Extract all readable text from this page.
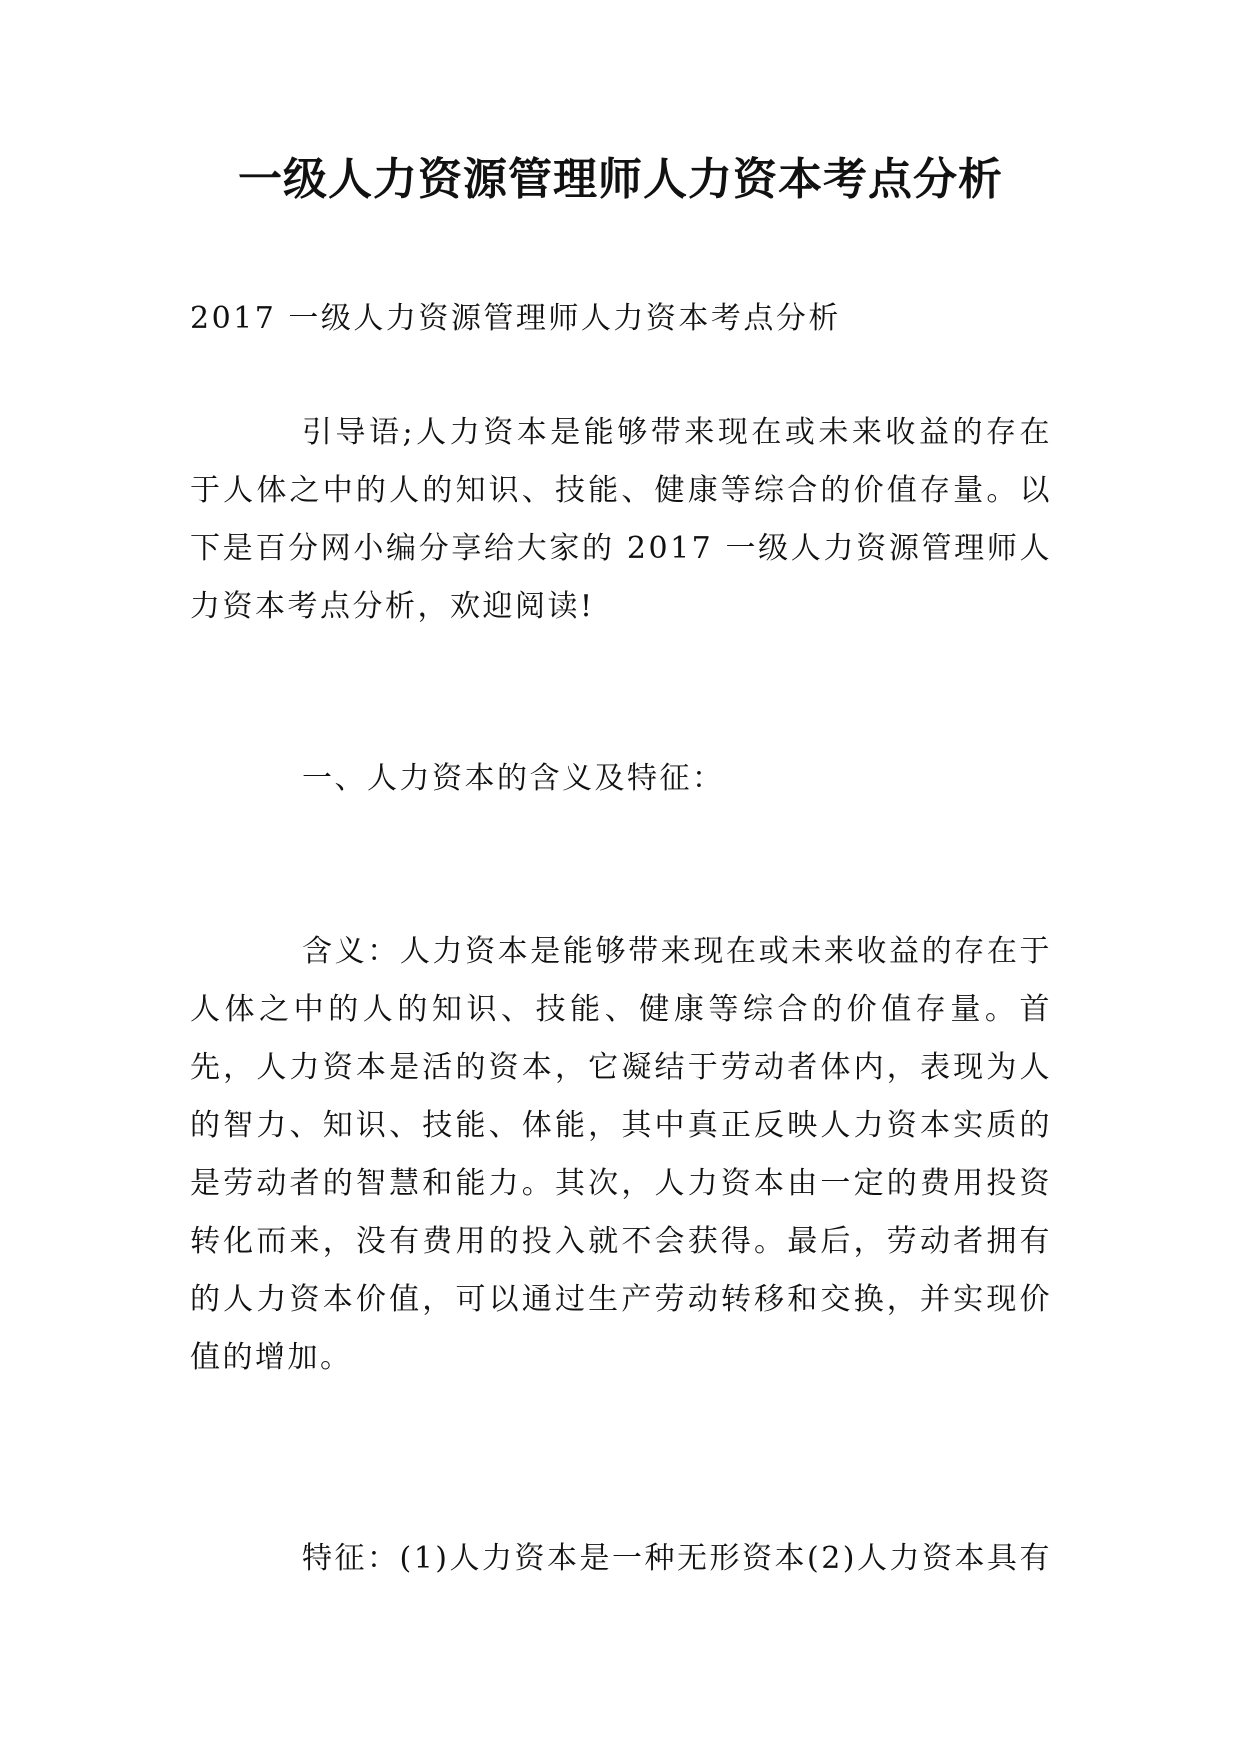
一级人力资源管理师人力资本考点分析

2017 一级人力资源管理师人力资本考点分析

引导语;人力资本是能够带来现在或未来收益的存在于人体之中的人的知识、技能、健康等综合的价值存量。以下是百分网小编分享给大家的 2017 一级人力资源管理师人力资本考点分析，欢迎阅读!

一、人力资本的含义及特征：

含义：人力资本是能够带来现在或未来收益的存在于人体之中的人的知识、技能、健康等综合的价值存量。首先，人力资本是活的资本，它凝结于劳动者体内，表现为人的智力、知识、技能、体能，其中真正反映人力资本实质的是劳动者的智慧和能力。其次，人力资本由一定的费用投资转化而来，没有费用的投入就不会获得。最后，劳动者拥有的人力资本价值，可以通过生产劳动转移和交换，并实现价值的增加。

特征：(1)人力资本是一种无形资本(2)人力资本具有
